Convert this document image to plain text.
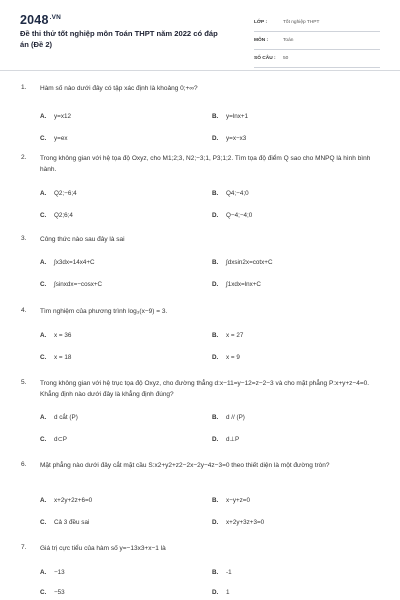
$2048^{.VN}$
Đề thi thử tốt nghiệp môn Toán THPT năm 2022 có đáp án (Đề 2)
LỚP :	Tốt nghiệp THPT
MÔN :	Toán
SỐ CÂU :	50
1. Hàm số nào dưới đây có tập xác định là khoảng 0;+∞?
A. y=x12	B. y=lnx+1
C. y=ex	D. y=x−x3
2. Trong không gian với hệ tọa độ Oxyz, cho M1;2;3, N2;−3;1, P3;1;2. Tìm tọa độ điểm Q sao cho MNPQ là hình bình hành.
A. Q2;−6;4	B. Q4;−4;0
C. Q2;6;4	D. Q−4;−4;0
3. Công thức nào sau đây là sai
A. ∫x3dx=14x4+C	B. ∫dxsin2x=cotx+C
C. ∫sinxdx=−cosx+C	D. ∫1xdx=lnx+C
4. Tìm nghiệm của phương trình log₃(x−9) = 3.
A. x = 36	B. x = 27
C. x = 18	D. x = 9
5. Trong không gian với hệ trục tọa độ Oxyz, cho đường thẳng d:x−11=y−12=z−2−3 và cho mặt phẳng P:x+y+z−4=0. Khẳng định nào dưới đây là khẳng định đúng?
A. d cắt (P)	B. d // (P)
C. d⊂P	D. d⊥P
6. Mặt phẳng nào dưới đây cắt mặt cầu S:x2+y2+z2−2x−2y−4z−3=0 theo thiết diện là một đường tròn?
A. x+2y+2z+6=0	B. x−y+z=0
C. Cả 3 đều sai	D. x+2y+3z+3=0
7. Giá trị cực tiểu của hàm số y=−13x3+x−1 là
A. −13	B. -1
C. −53	D. 1
